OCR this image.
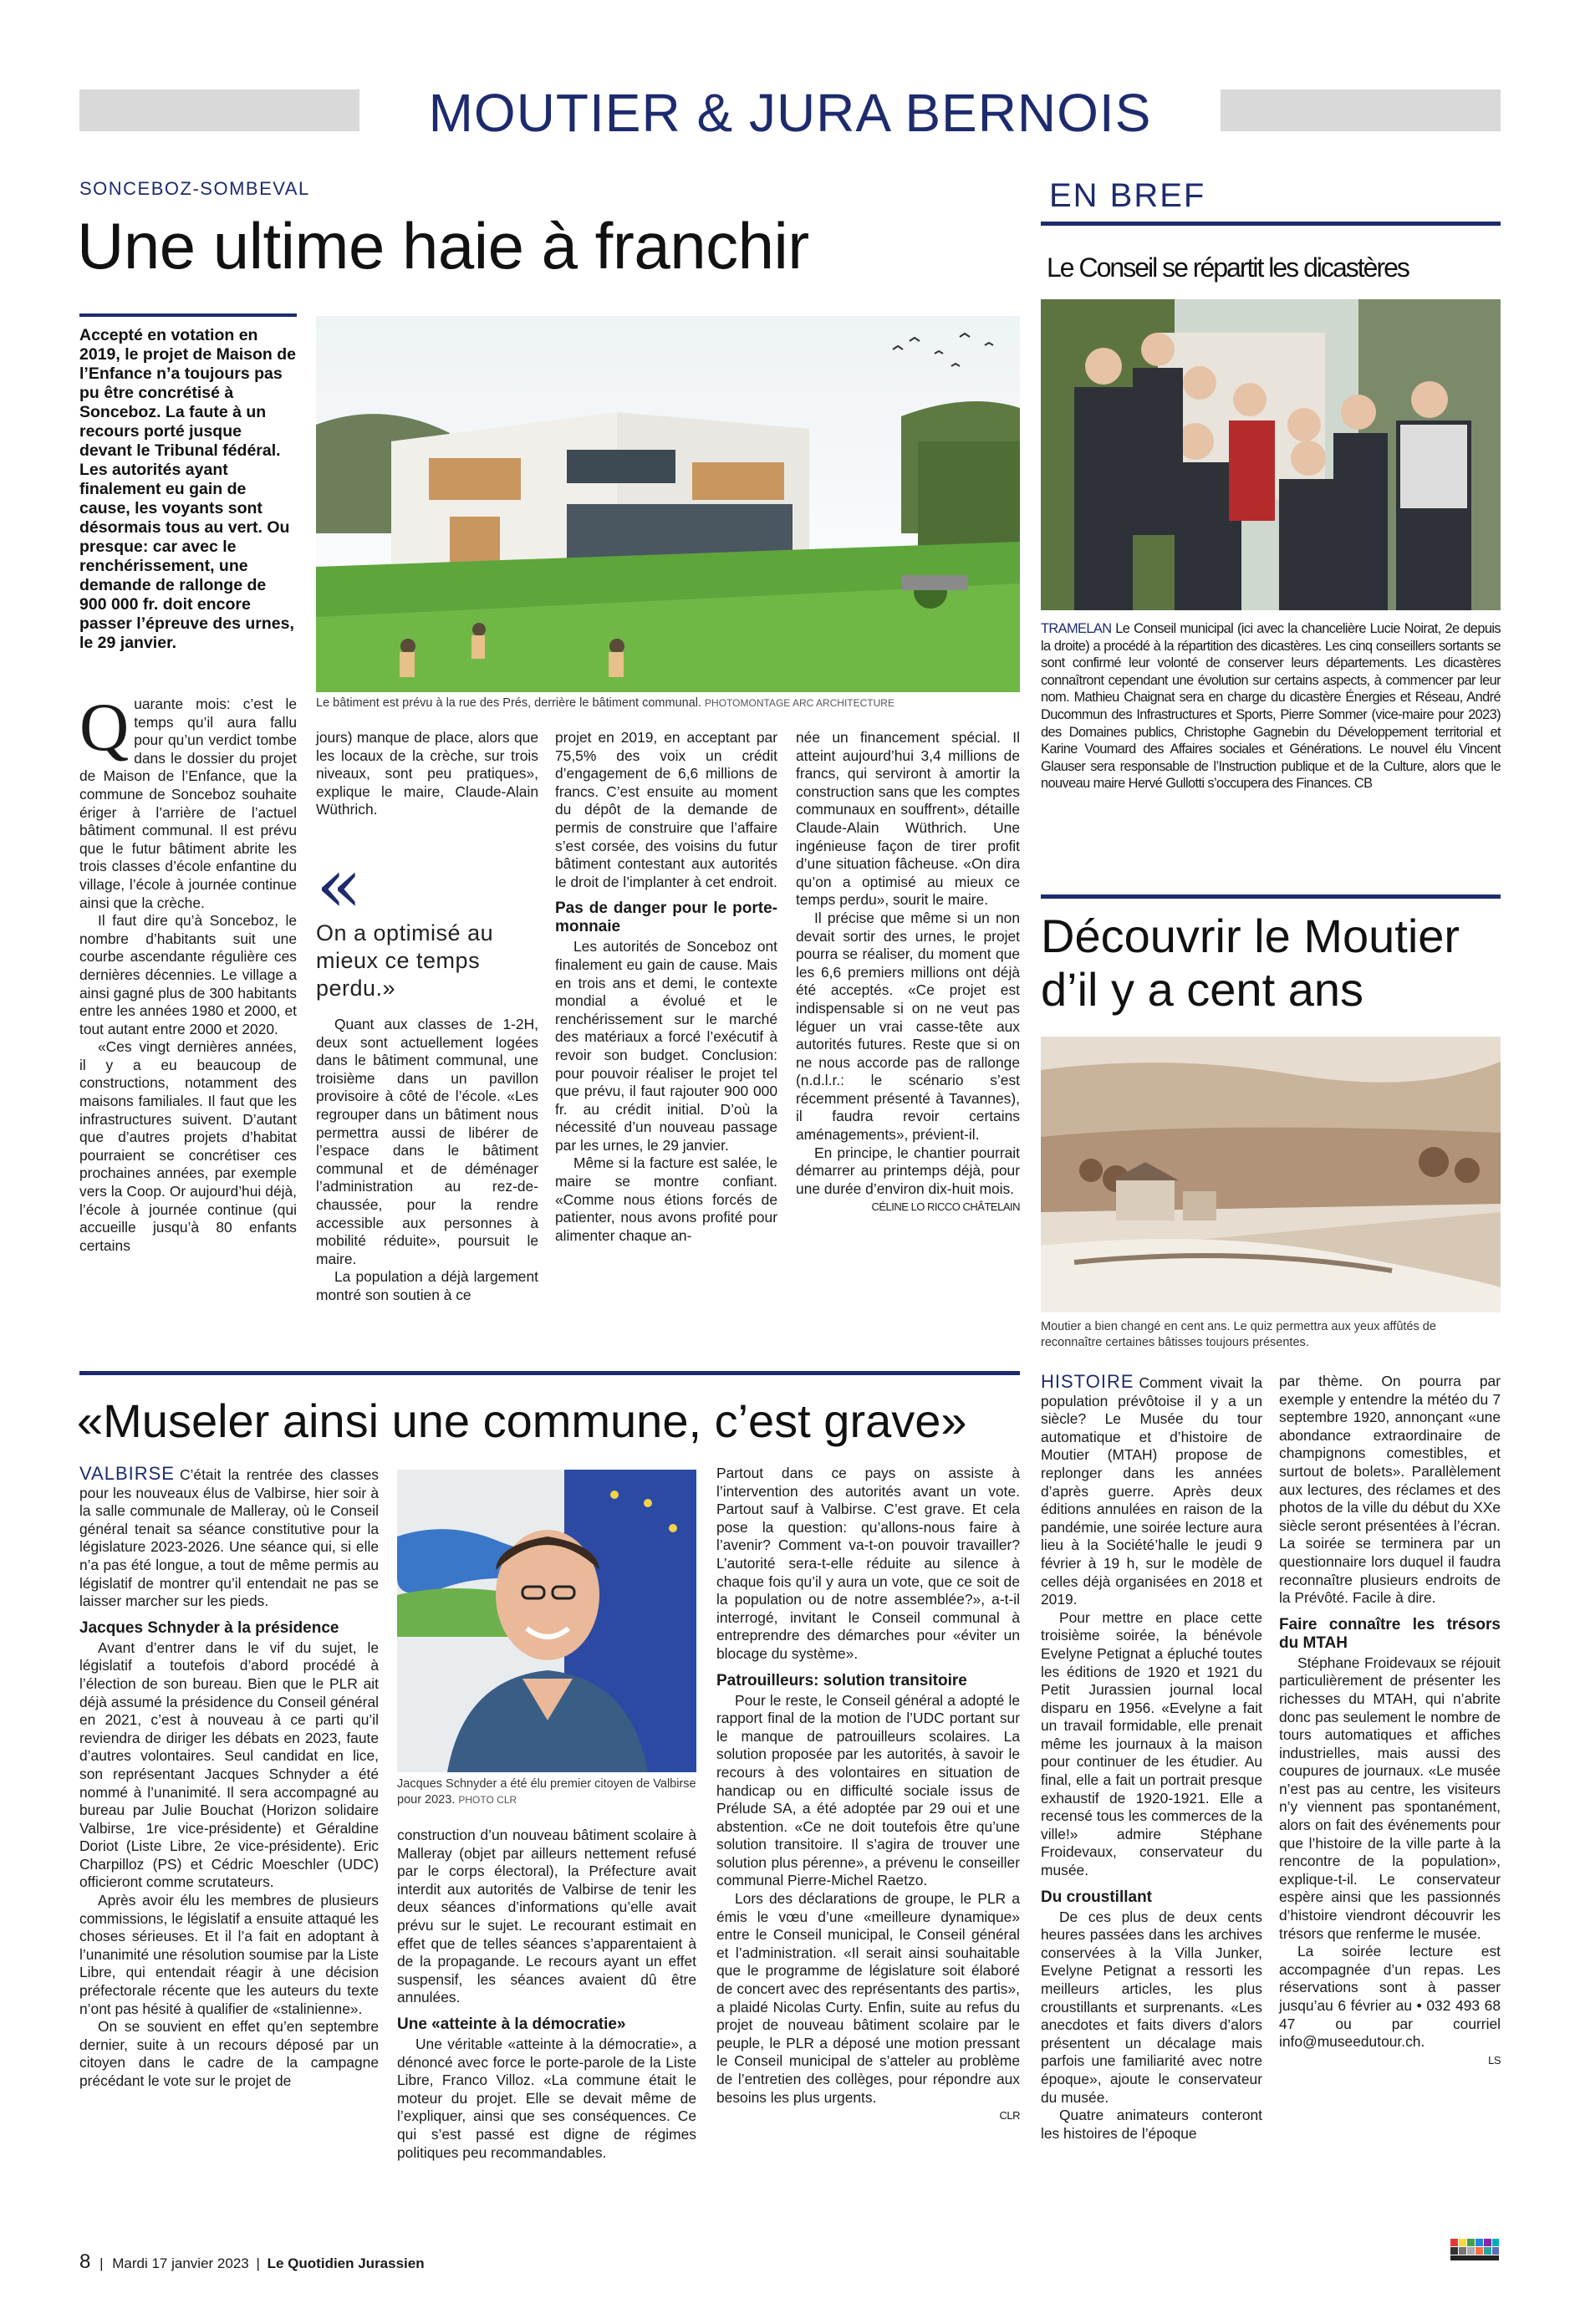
MOUTIER & JURA BERNOIS
SONCEBOZ-SOMBEVAL
Une ultime haie à franchir
Accepté en votation en 2019, le projet de Maison de l’Enfance n’a toujours pas pu être concrétisé à Sonceboz. La faute à un recours porté jusque devant le Tribunal fédéral. Les autorités ayant finalement eu gain de cause, les voyants sont désormais tous au vert. Ou presque: car avec le renchérissement, une demande de rallonge de 900 000 fr. doit encore passer l’épreuve des urnes, le 29 janvier.
Le bâtiment est prévu à la rue des Prés, derrière le bâtiment communal. PHOTOMONTAGE ARC ARCHITECTURE
Q uarante mois: c’est le temps qu’il aura fallu pour qu’un verdict tombe dans le dossier du projet de Maison de l’Enfance, que la commune de Sonceboz souhaite ériger à l’arrière de l’actuel bâtiment communal. Il est prévu que le futur bâtiment abrite les trois classes d’école enfantine du village, l’école à journée continue ainsi que la crèche.

Il faut dire qu’à Sonceboz, le nombre d’habitants suit une courbe ascendante régulière ces dernières décennies. Le village a ainsi gagné plus de 300 habitants entre les années 1980 et 2000, et tout autant entre 2000 et 2020.

«Ces vingt dernières années, il y a eu beaucoup de constructions, notamment des maisons familiales. Il faut que les infrastructures suivent. D’autant que d’autres projets d’habitat pourraient se concrétiser ces prochaines années, par exemple vers la Coop. Or aujourd’hui déjà, l’école à journée continue (qui accueille jusqu’à 80 enfants certains

jours) manque de place, alors que les locaux de la crèche, sur trois niveaux, sont peu pratiques», explique le maire, Claude-Alain Wüthrich.

«
On a optimisé au mieux ce temps perdu.»

Quant aux classes de 1-2H, deux sont actuellement logées dans le bâtiment communal, une troisième dans un pavillon provisoire à côté de l’école. «Les regrouper dans un bâtiment nous permettra aussi de libérer de l’espace dans le bâtiment communal et de déménager l’administration au rez-de-chaussée, pour la rendre accessible aux personnes à mobilité réduite», poursuit le maire.

La population a déjà largement montré son soutien à ce

projet en 2019, en acceptant par 75,5% des voix un crédit d’engagement de 6,6 millions de francs. C’est ensuite au moment du dépôt de la demande de permis de construire que l’affaire s’est corsée, des voisins du futur bâtiment contestant aux autorités le droit de l’implanter à cet endroit.

Pas de danger pour le porte-monnaie

Les autorités de Sonceboz ont finalement eu gain de cause. Mais en trois ans et demi, le contexte mondial a évolué et le renchérissement sur le marché des matériaux a forcé l’exécutif à revoir son budget. Conclusion: pour pouvoir réaliser le projet tel que prévu, il faut rajouter 900 000 fr. au crédit initial. D’où la nécessité d’un nouveau passage par les urnes, le 29 janvier.

Même si la facture est salée, le maire se montre confiant. «Comme nous étions forcés de patienter, nous avons profité pour alimenter chaque an-

née un financement spécial. Il atteint aujourd’hui 3,4 millions de francs, qui serviront à amortir la construction sans que les comptes communaux en souffrent», détaille Claude-Alain Wüthrich. Une ingénieuse façon de tirer profit d’une situation fâcheuse. «On dira qu’on a optimisé au mieux ce temps perdu», sourit le maire.

Il précise que même si un non devait sortir des urnes, le projet pourra se réaliser, du moment que les 6,6 premiers millions ont déjà été acceptés. «Ce projet est indispensable si on ne veut pas léguer un vrai casse-tête aux autorités futures. Reste que si on ne nous accorde pas de rallonge (n.d.l.r.: le scénario s’est récemment présenté à Tavannes), il faudra revoir certains aménagements», prévient-il.

En principe, le chantier pourrait démarrer au printemps déjà, pour une durée d’environ dix-huit mois.

CÉLINE LO RICCO CHÂTELAIN
EN BREF
Le Conseil se répartit les dicastères
TRAMELAN Le Conseil municipal (ici avec la chancelière Lucie Noirat, 2e depuis la droite) a procédé à la répartition des dicastères. Les cinq conseillers sortants se sont confirmé leur volonté de conserver leurs départements. Les dicastères connaîtront cependant une évolution sur certains aspects, à commencer par leur nom. Mathieu Chaignat sera en charge du dicastère Énergies et Réseau, André Ducommun des Infrastructures et Sports, Pierre Sommer (vice-maire pour 2023) des Domaines publics, Christophe Gagnebin du Développement territorial et Karine Voumard des Affaires sociales et Générations. Le nouvel élu Vincent Glauser sera responsable de l’Instruction publique et de la Culture, alors que le nouveau maire Hervé Gullotti s’occupera des Finances. CB
Découvrir le Moutier d’il y a cent ans
Moutier a bien changé en cent ans. Le quiz permettra aux yeux affûtés de reconnaître certaines bâtisses toujours présentes.

HISTOIRE Comment vivait la population prévôtoise il y a un siècle? Le Musée du tour automatique et d’histoire de Moutier (MTAH) propose de replonger dans les années d’après guerre. Après deux éditions annulées en raison de la pandémie, une soirée lecture aura lieu à la Société’halle le jeudi 9 février à 19 h, sur le modèle de celles déjà organisées en 2018 et 2019.

Pour mettre en place cette troisième soirée, la bénévole Evelyne Petignat a épluché toutes les éditions de 1920 et 1921 du Petit Jurassien journal local disparu en 1956. «Evelyne a fait un travail formidable, elle prenait même les journaux à la maison pour continuer de les étudier. Au final, elle a fait un portrait presque exhaustif de 1920-1921. Elle a recensé tous les commerces de la ville!» admire Stéphane Froidevaux, conservateur du musée.

Du croustillant

De ces plus de deux cents heures passées dans les archives conservées à la Villa Junker, Evelyne Petignat a ressorti les meilleurs articles, les plus croustillants et surprenants. «Les anecdotes et faits divers d’alors présentent un décalage mais parfois une familiarité avec notre époque», ajoute le conservateur du musée.

Quatre animateurs conteront les histoires de l’époque

par thème. On pourra par exemple y entendre la météo du 7 septembre 1920, annonçant «une abondance extraordinaire de champignons comestibles, et surtout de bolets». Parallèlement aux lectures, des réclames et des photos de la ville du début du XXe siècle seront présentées à l’écran. La soirée se terminera par un questionnaire lors duquel il faudra reconnaître plusieurs endroits de la Prévôté. Facile à dire.

Faire connaître les trésors du MTAH

Stéphane Froidevaux se réjouit particulièrement de présenter les richesses du MTAH, qui n’abrite donc pas seulement le nombre de tours automatiques et affiches industrielles, mais aussi des coupures de journaux. «Le musée n’est pas au centre, les visiteurs n’y viennent pas spontanément, alors on fait des événements pour que l’histoire de la ville parte à la rencontre de la population», explique-t-il. Le conservateur espère ainsi que les passionnés d’histoire viendront découvrir les trésors que renferme le musée.

La soirée lecture est accompagnée d’un repas. Les réservations sont à passer jusqu’au 6 février au • 032 493 68 47 ou par courriel info@museedutour.ch.

LS
«Museler ainsi une commune, c’est grave»

VALBIRSE C’était la rentrée des classes pour les nouveaux élus de Valbirse, hier soir à la salle communale de Malleray, où le Conseil général tenait sa séance constitutive pour la législature 2023-2026. Une séance qui, si elle n’a pas été longue, a tout de même permis au législatif de montrer qu’il entendait ne pas se laisser marcher sur les pieds.

Jacques Schnyder à la présidence

Avant d’entrer dans le vif du sujet, le législatif a toutefois d’abord procédé à l’élection de son bureau. Bien que le PLR ait déjà assumé la présidence du Conseil général en 2021, c’est à nouveau à ce parti qu’il reviendra de diriger les débats en 2023, faute d’autres volontaires. Seul candidat en lice, son représentant Jacques Schnyder a été nommé à l’unanimité. Il sera accompagné au bureau par Julie Bouchat (Horizon solidaire Valbirse, 1re vice-présidente) et Géraldine Doriot (Liste Libre, 2e vice-présidente). Eric Charpilloz (PS) et Cédric Moeschler (UDC) officieront comme scrutateurs.

Après avoir élu les membres de plusieurs commissions, le législatif a ensuite attaqué les choses sérieuses. Et il l’a fait en adoptant à l’unanimité une résolution soumise par la Liste Libre, qui entendait réagir à une décision préfectorale récente que les auteurs du texte n’ont pas hésité à qualifier de «stalinienne».

On se souvient en effet qu’en septembre dernier, suite à un recours déposé par un citoyen dans le cadre de la campagne précédant le vote sur le projet de

Jacques Schnyder a été élu premier citoyen de Valbirse pour 2023. PHOTO CLR

construction d’un nouveau bâtiment scolaire à Malleray (objet par ailleurs nettement refusé par le corps électoral), la Préfecture avait interdit aux autorités de Valbirse de tenir les deux séances d’informations qu’elle avait prévu sur le sujet. Le recourant estimait en effet que de telles séances s’apparentaient à de la propagande. Le recours ayant un effet suspensif, les séances avaient dû être annulées.

Une «atteinte à la démocratie»

Une véritable «atteinte à la démocratie», a dénoncé avec force le porte-parole de la Liste Libre, Franco Villoz. «La commune était le moteur du projet. Elle se devait même de l’expliquer, ainsi que ses conséquences. Ce qui s’est passé est digne de régimes politiques peu recommandables.

Partout dans ce pays on assiste à l’intervention des autorités avant un vote. Partout sauf à Valbirse. C’est grave. Et cela pose la question: qu’allons-nous faire à l’avenir? Comment va-t-on pouvoir travailler? L’autorité sera-t-elle réduite au silence à chaque fois qu’il y aura un vote, que ce soit de la population ou de notre assemblée?», a-t-il interrogé, invitant le Conseil communal à entreprendre des démarches pour «éviter un blocage du système».

Patrouilleurs: solution transitoire

Pour le reste, le Conseil général a adopté le rapport final de la motion de l’UDC portant sur le manque de patrouilleurs scolaires. La solution proposée par les autorités, à savoir le recours à des volontaires en situation de handicap ou en difficulté sociale issus de Prélude SA, a été adoptée par 29 oui et une abstention. «Ce ne doit toutefois être qu’une solution transitoire. Il s’agira de trouver une solution plus pérenne», a prévenu le conseiller communal Pierre-Michel Raetzo.

Lors des déclarations de groupe, le PLR a émis le vœu d’une «meilleure dynamique» entre le Conseil municipal, le Conseil général et l’administration. «Il serait ainsi souhaitable que le programme de législature soit élaboré de concert avec des représentants des partis», a plaidé Nicolas Curty. Enfin, suite au refus du projet de nouveau bâtiment scolaire par le peuple, le PLR a déposé une motion pressant le Conseil municipal de s’atteler au problème de l’entretien des collèges, pour répondre aux besoins les plus urgents.

CLR
8 | Mardi 17 janvier 2023 | Le Quotidien Jurassien
